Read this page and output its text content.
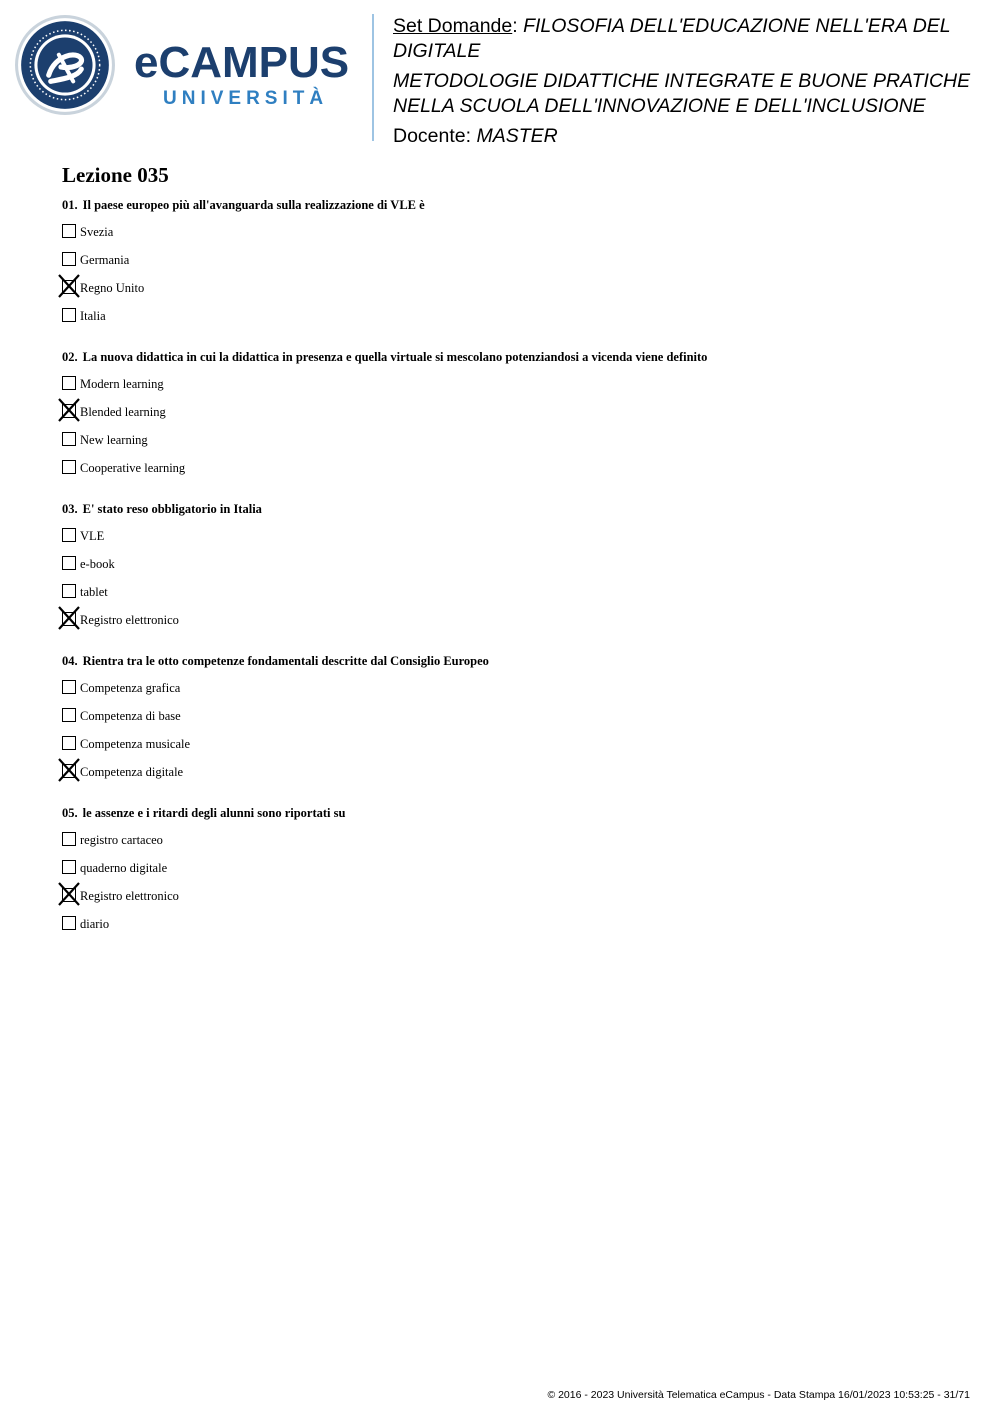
eCAMPUS
UNIVERSITÀ
Set Domande: FILOSOFIA DELL'EDUCAZIONE NELL'ERA DEL
DIGITALE
METODOLOGIE DIDATTICHE INTEGRATE E BUONE PRATICHE
NELLA SCUOLA DELL'INNOVAZIONE E DELL'INCLUSIONE
Docente: MASTER
Lezione 035
01. Il paese europeo più all'avanguarda sulla realizzazione di VLE è
Svezia
Germania
Regno Unito
Italia
02. La nuova didattica in cui la didattica in presenza e quella virtuale si mescolano potenziandosi a vicenda viene definito
Modern learning
Blended learning
New learning
Cooperative learning
03. E' stato reso obbligatorio in Italia
VLE
e-book
tablet
Registro elettronico
04. Rientra tra le otto competenze fondamentali descritte dal Consiglio Europeo
Competenza grafica
Competenza di base
Competenza musicale
Competenza digitale
05. le assenze e i ritardi degli alunni sono riportati su
registro cartaceo
quaderno digitale
Registro elettronico
diario
© 2016 - 2023 Università Telematica eCampus - Data Stampa 16/01/2023 10:53:25 - 31/71
